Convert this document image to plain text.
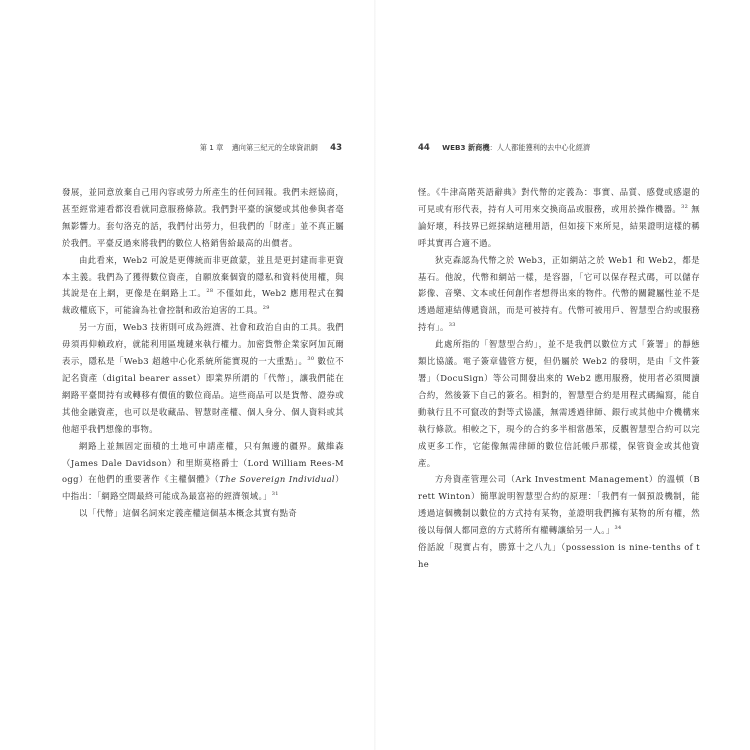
第 1 章 邁向第三紀元的全球資訊網 43	44 WEB3 新商機：人人都能獲利的去中心化經濟

發展，並同意放棄自己用內容或勞力所產生的任何回報。我們未經協商，甚至經常連看都沒看就同意服務條款。我們對平臺的演變或其他參與者毫無影響力。套句洛克的話，我們付出勞力，但我們的「財產」並不真正屬於我們。平臺反過來將我們的數位人格銷售給最高的出價者。

由此看來，Web2 可說是更傳統而非更啟蒙，並且是更封建而非更資本主義。我們為了獲得數位資產，自願放棄個資的隱私和資料使用權，與其說是在上網，更像是在網路上工。$^{28}$ 不僅如此，Web2 應用程式在獨裁政權底下，可能淪為社會控制和政治迫害的工具。$^{29}$

另一方面，Web3 技術則可成為經濟、社會和政治自由的工具。我們毋須再仰賴政府，就能利用區塊鏈來執行權力。加密貨幣企業家阿加瓦爾表示，隱私是「Web3 超越中心化系統所能實現的一大重點」。$^{30}$ 數位不記名資產（digital bearer asset）即業界所謂的「代幣」，讓我們能在網路平臺間持有或轉移有價值的數位商品。這些商品可以是貨幣、證券或其他金融資產，也可以是收藏品、智慧財產權、個人身分、個人資料或其他超乎我們想像的事物。

網路上並無固定面積的土地可申請產權，只有無邊的疆界。戴維森（James Dale Davidson）和里斯莫格爵士（Lord William Rees-Mogg）在他們的重要著作《主權個體》（The Sovereign Individual）中指出：「網路空間最終可能成為最富裕的經濟領域。」$^{31}$

以「代幣」這個名詞來定義產權這個基本概念其實有點奇

怪。《牛津高階英語辭典》對代幣的定義為：事實、品質、感覺或感還的可見或有形代表，持有人可用來交換商品或服務，或用於操作機器。$^{32}$ 無論好壞，科技界已經採納這種用語，但如接下來所見，結果證明這樣的稱呼其實再合適不過。

狄克森認為代幣之於 Web3，正如網站之於 Web1 和 Web2，都是基石。他說，代幣和網站一樣，是容器，「它可以保存程式碼，可以儲存影像、音樂、文本或任何創作者想得出來的物件。代幣的關鍵屬性並不是透過超連結傳遞資訊，而是可被持有。代幣可被用戶、智慧型合約或服務持有」。$^{33}$

此處所指的「智慧型合約」，並不是我們以數位方式「簽署」的靜態類比協議。電子簽章儘管方便，但仍屬於 Web2 的發明，是由「文件簽署」（DocuSign）等公司開發出來的 Web2 應用服務，使用者必須閱讀合約，然後簽下自己的簽名。相對的，智慧型合約是用程式碼編寫，能自動執行且不可竄改的對等式協議，無需透過律師、銀行或其他中介機構來執行條款。相較之下，現今的合約多半相當愚笨，反觀智慧型合約可以完成更多工作，它能像無需律師的數位信託帳戶那樣，保管資金或其他資產。

方舟資產管理公司（Ark Investment Management）的溫頓（Brett Winton）簡單說明智慧型合約的原理：「我們有一個預設機制，能透過這個機制以數位的方式持有某物，並證明我們擁有某物的所有權，然後以每個人都同意的方式將所有權轉讓給另一人。」$^{34}$
俗話說「現實占有，勝算十之八九」（possession is nine-tenths of the
